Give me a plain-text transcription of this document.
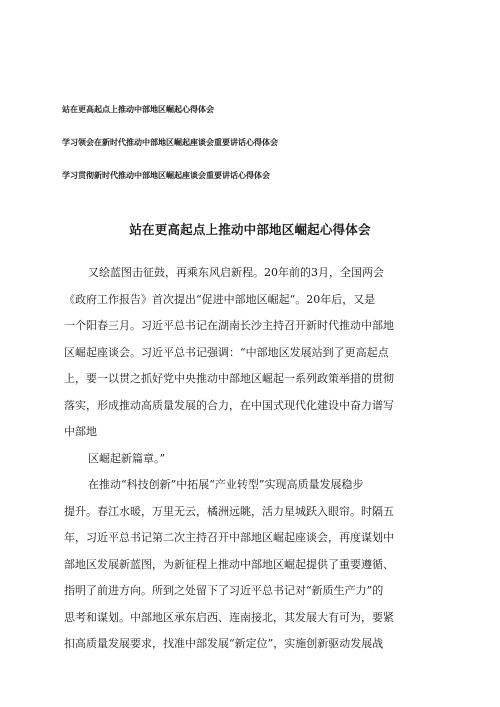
站在更高起点上推动中部地区崛起心得体会
学习领会在新时代推动中部地区崛起座谈会重要讲话心得体会
学习贯彻新时代推动中部地区崛起座谈会重要讲话心得体会
站在更高起点上推动中部地区崛起心得体会
又绘蓝图击征鼓，再乘东风启新程。20年前的3月，全国两会
《政府工作报告》首次提出“促进中部地区崛起“。20年后，又是
一个阳春三月。习近平总书记在湖南长沙主持召开新时代推动中部地
区崛起座谈会。习近平总书记强调：“中部地区发展站到了更高起点
上，要一以贯之抓好党中央推动中部地区崛起一系列政策举措的贯彻
落实，形成推动高质量发展的合力，在中国式现代化建设中奋力谱写
中部地
区崛起新篇章。”
在推动“科技创新”中拓展“产业转型”实现高质量发展稳步
提升。春江水暖，万里无云，橘洲远眺，活力星城跃入眼帘。时隔五
年，习近平总书记第二次主持召开中部地区崛起座谈会，再度谋划中
部地区发展新蓝图，为新征程上推动中部地区崛起提供了重要遵循、
指明了前进方向。所到之处留下了习近平总书记对“新质生产力”的
思考和谋划。中部地区承东启西、连南接北，其发展大有可为，要紧
扣高质量发展要求，找准中部发展“新定位”，实施创新驱动发展战
